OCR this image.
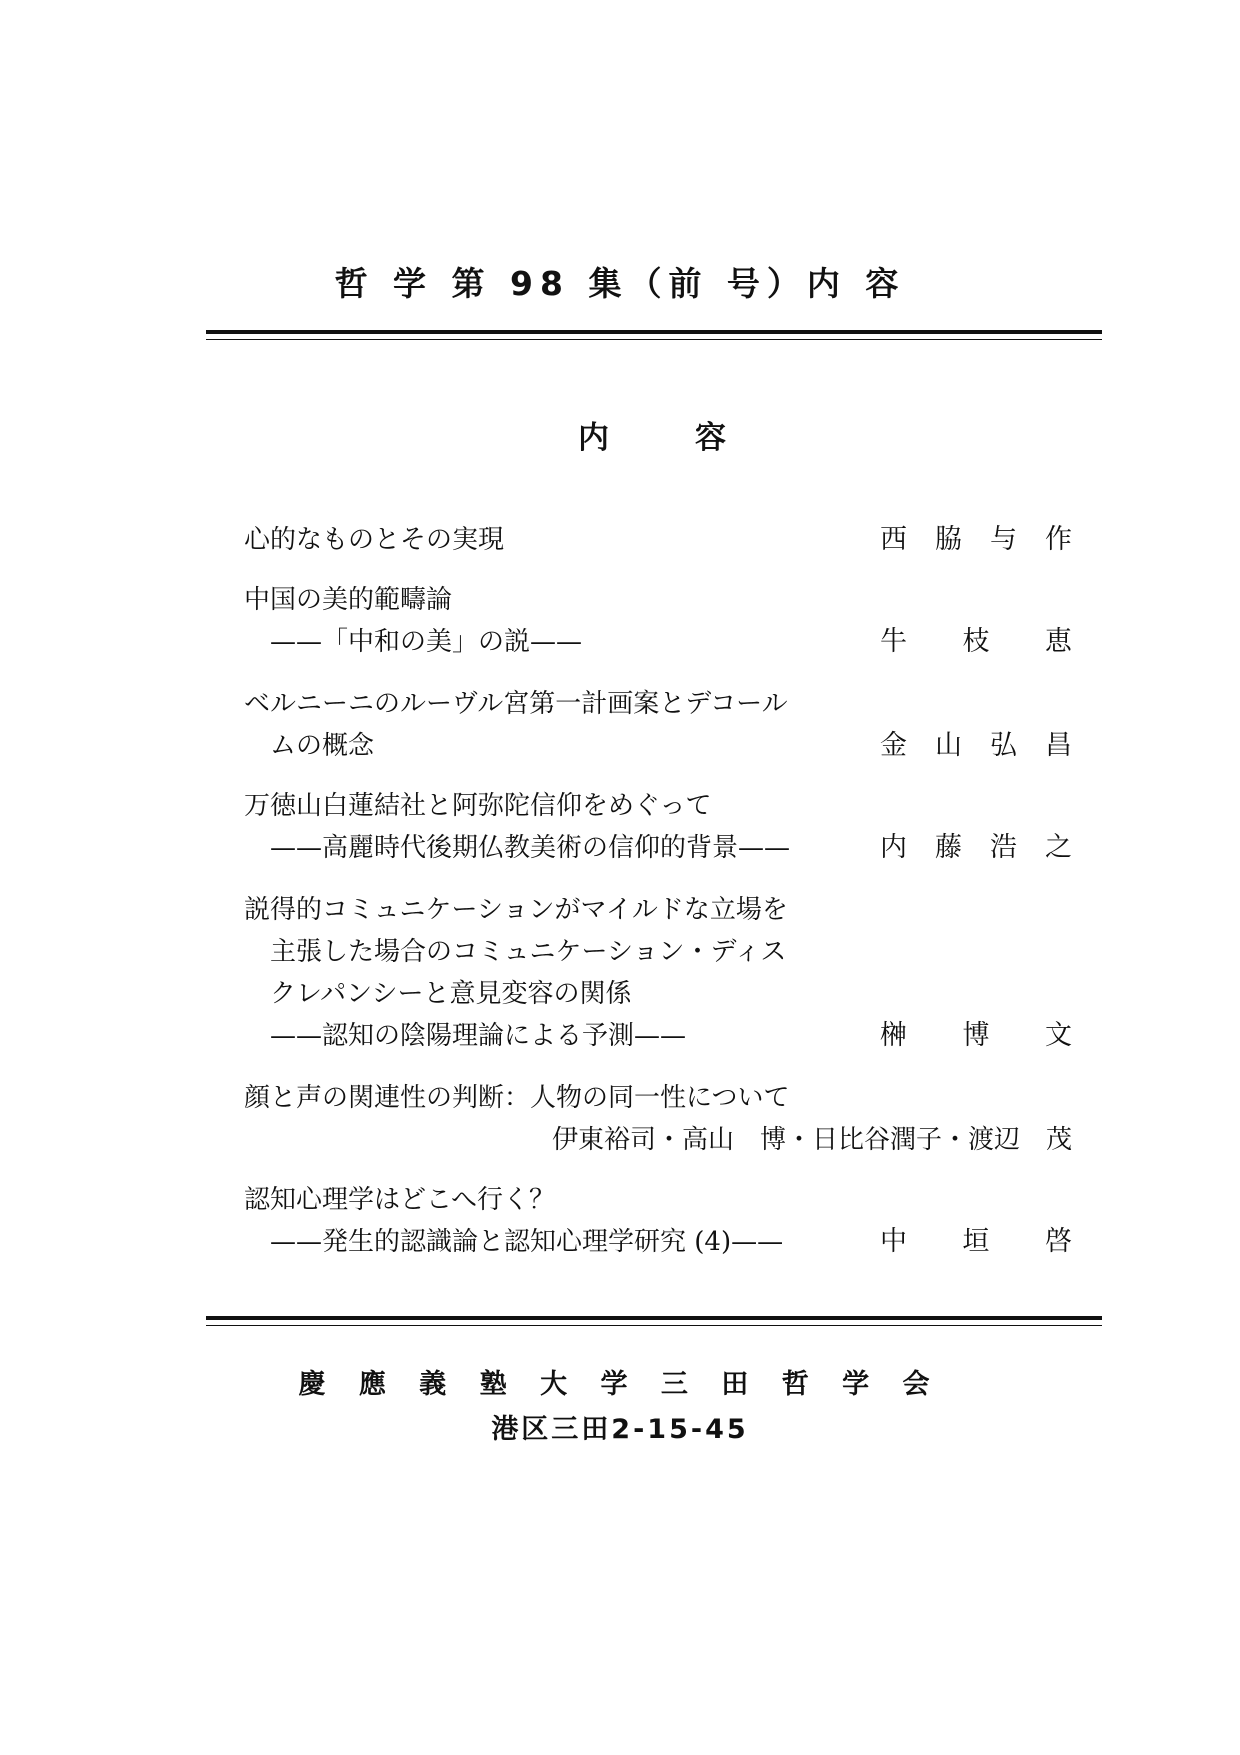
哲 学 第 98 集（前 号）内 容
内容
心的なものとその実現	西 脇 与 作
中国の美的範疇論
——「中和の美」の説——	牛 枝 恵
ベルニーニのルーヴル宮第一計画案とデコール
ムの概念	金 山 弘 昌
万徳山白蓮結社と阿弥陀信仰をめぐって
——高麗時代後期仏教美術の信仰的背景——	内 藤 浩 之
説得的コミュニケーションがマイルドな立場を
主張した場合のコミュニケーション・ディス
クレパンシーと意見変容の関係
——認知の陰陽理論による予測——	榊 博 文
顔と声の関連性の判断：人物の同一性について
伊東裕司・高山　博・日比谷潤子・渡辺　茂
認知心理学はどこへ行く？
——発生的認識論と認知心理学研究 (4)——	中 垣 啓
慶 應 義 塾 大 学 三 田 哲 学 会
港区三田2-15-45
